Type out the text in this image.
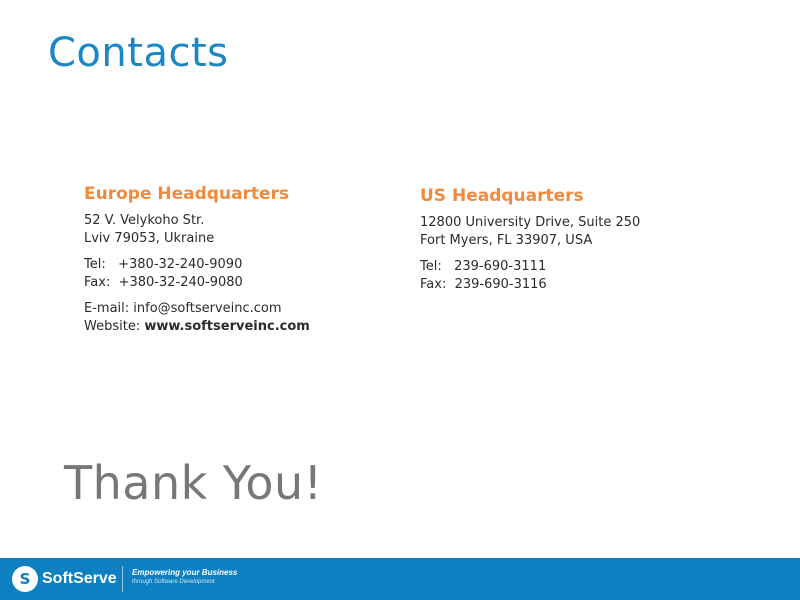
Contacts
Europe Headquarters
52 V. Velykoho Str.
Lviv 79053, Ukraine
Tel:   +380-32-240-9090
Fax:  +380-32-240-9080
E-mail: info@softserveinc.com
Website: www.softserveinc.com
US Headquarters
12800 University Drive, Suite 250
Fort Myers, FL 33907, USA
Tel:   239-690-3111
Fax:  239-690-3116
Thank You!
S SoftServe Empowering your Business
through Software Development
